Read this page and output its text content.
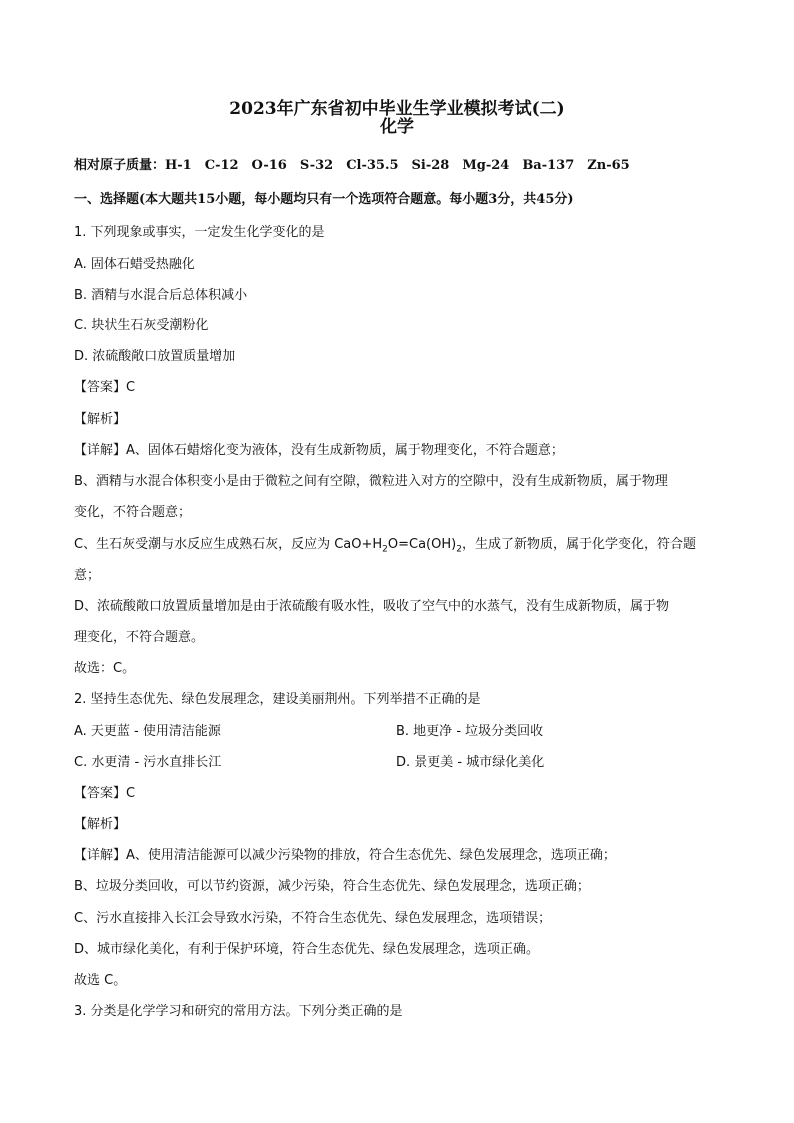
2023年广东省初中毕业生学业模拟考试(二)
化学
相对原子质量：H-1　C-12　O-16　S-32　Cl-35.5　Si-28　Mg-24　Ba-137　Zn-65
一、选择题(本大题共15小题，每小题均只有一个选项符合题意。每小题3分，共45分)
1. 下列现象或事实，一定发生化学变化的是
A. 固体石蜡受热融化
B. 酒精与水混合后总体积减小
C. 块状生石灰受潮粉化
D. 浓硫酸敞口放置质量增加
【答案】C
【解析】
【详解】A、固体石蜡熔化变为液体，没有生成新物质，属于物理变化，不符合题意；
B、酒精与水混合体积变小是由于微粒之间有空隙，微粒进入对方的空隙中，没有生成新物质，属于物理
变化，不符合题意；
C、生石灰受潮与水反应生成熟石灰，反应为 $CaO+H_2O=Ca(OH)_2$，生成了新物质，属于化学变化，符合题
意；
D、浓硫酸敞口放置质量增加是由于浓硫酸有吸水性，吸收了空气中的水蒸气，没有生成新物质，属于物
理变化，不符合题意。
故选：C。
2. 坚持生态优先、绿色发展理念，建设美丽荆州。下列举措不正确的是
A. 天更蓝 - 使用清洁能源	B. 地更净 - 垃圾分类回收
C. 水更清 - 污水直排长江	D. 景更美 - 城市绿化美化
【答案】C
【解析】
【详解】A、使用清洁能源可以减少污染物的排放，符合生态优先、绿色发展理念，选项正确；
B、垃圾分类回收，可以节约资源，减少污染，符合生态优先、绿色发展理念，选项正确；
C、污水直接排入长江会导致水污染，不符合生态优先、绿色发展理念，选项错误；
D、城市绿化美化，有利于保护环境，符合生态优先、绿色发展理念，选项正确。
故选 C。
3. 分类是化学学习和研究的常用方法。下列分类正确的是
